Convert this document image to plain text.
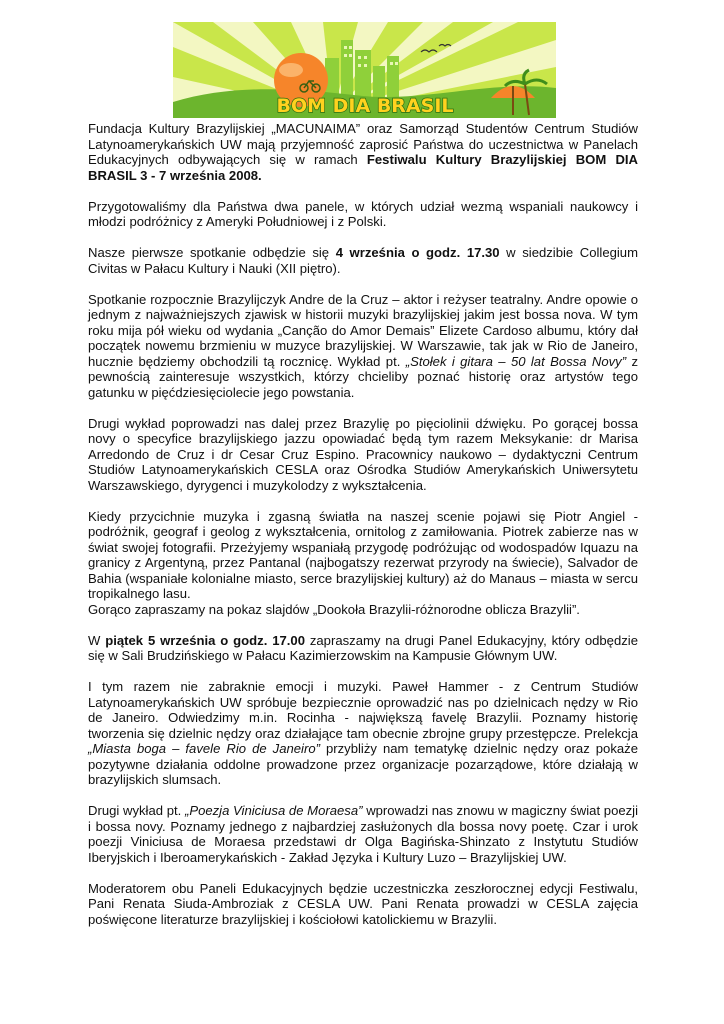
BOM DIA BRASIL

Fundacja Kultury Brazylijskiej „MACUNAIMA” oraz Samorząd Studentów Centrum Studiów Latynoamerykańskich UW mają przyjemność zaprosić Państwa do uczestnictwa w Panelach Edukacyjnych odbywających się w ramach Festiwalu Kultury Brazylijskiej BOM DIA BRASIL 3 - 7 września 2008.

Przygotowaliśmy dla Państwa dwa panele, w których udział wezmą wspaniali naukowcy i młodzi podróżnicy z Ameryki Południowej i z Polski.

Nasze pierwsze spotkanie odbędzie się 4 września o godz. 17.30 w siedzibie Collegium Civitas w Pałacu Kultury i Nauki (XII piętro).

Spotkanie rozpocznie Brazylijczyk Andre de la Cruz – aktor i reżyser teatralny. Andre opowie o jednym z najważniejszych zjawisk w historii muzyki brazylijskiej jakim jest bossa nova. W tym roku mija pół wieku od wydania „Canção do Amor Demais” Elizete Cardoso albumu, który dał początek nowemu brzmieniu w muzyce brazylijskiej. W Warszawie, tak jak w Rio de Janeiro, hucznie będziemy obchodzili tą rocznicę. Wykład pt. „Stołek i gitara – 50 lat Bossa Novy” z pewnością zainteresuje wszystkich, którzy chcieliby poznać historię oraz artystów tego gatunku w pięćdziesięciolecie jego powstania.

Drugi wykład poprowadzi nas dalej przez Brazylię po pięciolinii dźwięku. Po gorącej bossa novy o specyfice brazylijskiego jazzu opowiadać będą tym razem Meksykanie: dr Marisa Arredondo de Cruz i dr Cesar Cruz Espino. Pracownicy naukowo – dydaktyczni Centrum Studiów Latynoamerykańskich CESLA oraz Ośrodka Studiów Amerykańskich Uniwersytetu Warszawskiego, dyrygenci i muzykolodzy z wykształcenia.

Kiedy przycichnie muzyka i zgasną światła na naszej scenie pojawi się Piotr Angiel - podróżnik, geograf i geolog z wykształcenia, ornitolog z zamiłowania. Piotrek zabierze nas w świat swojej fotografii. Przeżyjemy wspaniałą przygodę podróżując od wodospadów Iquazu na granicy z Argentyną, przez Pantanal (najbogatszy rezerwat przyrody na świecie), Salvador de Bahia (wspaniałe kolonialne miasto, serce brazylijskiej kultury) aż do Manaus – miasta w sercu tropikalnego lasu.
Gorąco zapraszamy na pokaz slajdów „Dookoła Brazylii-różnorodne oblicza Brazylii”.

W piątek 5 września o godz. 17.00 zapraszamy na drugi Panel Edukacyjny, który odbędzie się w Sali Brudzińskiego w Pałacu Kazimierzowskim na Kampusie Głównym UW.

I tym razem nie zabraknie emocji i muzyki. Paweł Hammer - z Centrum Studiów Latynoamerykańskich UW spróbuje bezpiecznie oprowadzić nas po dzielnicach nędzy w Rio de Janeiro. Odwiedzimy m.in. Rocinha - największą favelę Brazylii. Poznamy historię tworzenia się dzielnic nędzy oraz działające tam obecnie zbrojne grupy przestępcze. Prelekcja „Miasta boga – favele Rio de Janeiro” przybliży nam tematykę dzielnic nędzy oraz pokaże pozytywne działania oddolne prowadzone przez organizacje pozarządowe, które działają w brazylijskich slumsach.

Drugi wykład pt. „Poezja Viniciusa de Moraesa” wprowadzi nas znowu w magiczny świat poezji i bossa novy. Poznamy jednego z najbardziej zasłużonych dla bossa novy poetę. Czar i urok poezji Viniciusa de Moraesa przedstawi dr Olga Bagińska-Shinzato z Instytutu Studiów Iberyjskich i Iberoamerykańskich - Zakład Języka i Kultury Luzo – Brazylijskiej UW.

Moderatorem obu Paneli Edukacyjnych będzie uczestniczka zeszłorocznej edycji Festiwalu, Pani Renata Siuda-Ambroziak z CESLA UW. Pani Renata prowadzi w CESLA zajęcia poświęcone literaturze brazylijskiej i kościołowi katolickiemu w Brazylii.
